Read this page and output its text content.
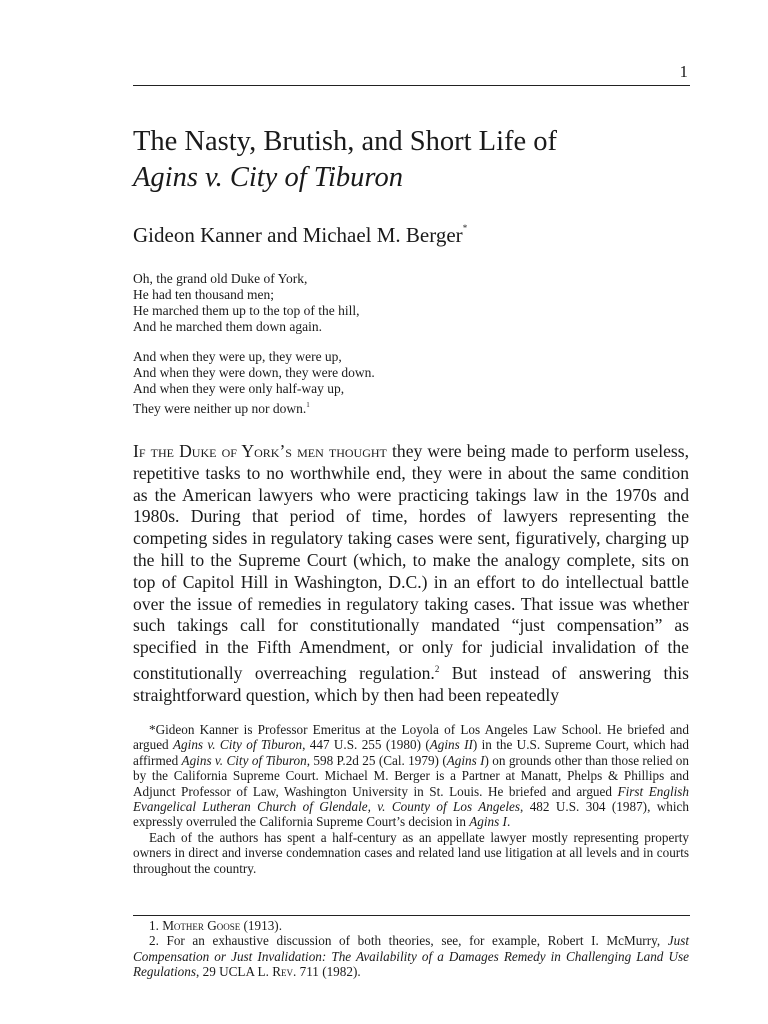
1
The Nasty, Brutish, and Short Life of
Agins v. City of Tiburon
Gideon Kanner and Michael M. Berger*
Oh, the grand old Duke of York,
He had ten thousand men;
He marched them up to the top of the hill,
And he marched them down again.
And when they were up, they were up,
And when they were down, they were down.
And when they were only half-way up,
They were neither up nor down.$^1$

If the Duke of York’s men thought they were being made to perform useless, repetitive tasks to no worthwhile end, they were in about the same condition as the American lawyers who were practicing takings law in the 1970s and 1980s. During that period of time, hordes of lawyers representing the competing sides in regulatory taking cases were sent, figuratively, charging up the hill to the Supreme Court (which, to make the analogy complete, sits on top of Capitol Hill in Washington, D.C.) in an effort to do intellectual battle over the issue of remedies in regulatory taking cases. That issue was whether such takings call for constitutionally mandated “just compensation” as specified in the Fifth Amendment, or only for judicial invalidation of the constitutionally overreaching regulation.$^2$ But instead of answering this straightforward question, which by then had been repeatedly

*Gideon Kanner is Professor Emeritus at the Loyola of Los Angeles Law School. He briefed and argued Agins v. City of Tiburon, 447 U.S. 255 (1980) (Agins II) in the U.S. Supreme Court, which had affirmed Agins v. City of Tiburon, 598 P.2d 25 (Cal. 1979) (Agins I) on grounds other than those relied on by the California Supreme Court. Michael M. Berger is a Partner at Manatt, Phelps & Phillips and Adjunct Professor of Law, Washington University in St. Louis. He briefed and argued First English Evangelical Lutheran Church of Glendale, v. County of Los Angeles, 482 U.S. 304 (1987), which expressly overruled the California Supreme Court’s decision in Agins I.

Each of the authors has spent a half-century as an appellate lawyer mostly representing property owners in direct and inverse condemnation cases and related land use litigation at all levels and in courts throughout the country.

1. Mother Goose (1913).

2. For an exhaustive discussion of both theories, see, for example, Robert I. McMurry, Just Compensation or Just Invalidation: The Availability of a Damages Remedy in Challenging Land Use Regulations, 29 UCLA L. Rev. 711 (1982).
